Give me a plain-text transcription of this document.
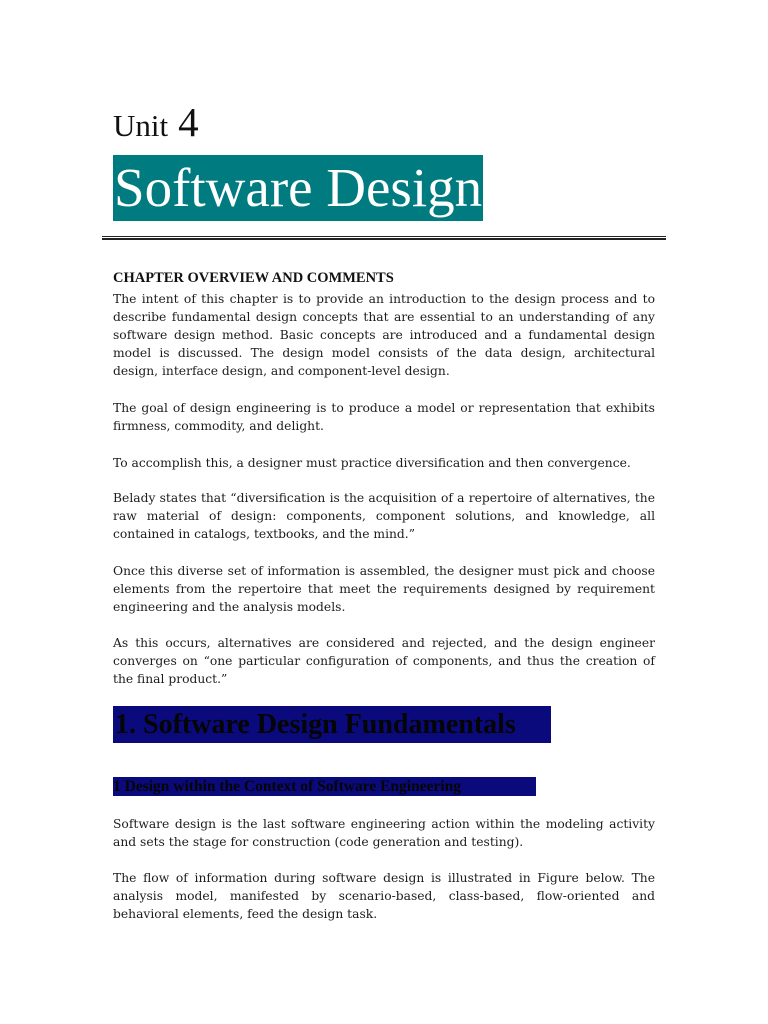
Unit 4
Software Design
CHAPTER OVERVIEW AND COMMENTS

The intent of this chapter is to provide an introduction to the design process and to describe fundamental design concepts that are essential to an understanding of any software design method. Basic concepts are introduced and a fundamental design model is discussed. The design model consists of the data design, architectural design, interface design, and component-level design.

The goal of design engineering is to produce a model or representation that exhibits firmness, commodity, and delight.

To accomplish this, a designer must practice diversification and then convergence.

Belady states that “diversification is the acquisition of a repertoire of alternatives, the raw material of design: components, component solutions, and knowledge, all contained in catalogs, textbooks, and the mind.”

Once this diverse set of information is assembled, the designer must pick and choose elements from the repertoire that meet the requirements designed by requirement engineering and the analysis models.

As this occurs, alternatives are considered and rejected, and the design engineer converges on “one particular configuration of components, and thus the creation of the final product.”

1. Software Design Fundamentals
1 Design within the Context of Software Engineering

Software design is the last software engineering action within the modeling activity and sets the stage for construction (code generation and testing).

The flow of information during software design is illustrated in Figure below. The analysis model, manifested by scenario-based, class-based, flow-oriented and behavioral elements, feed the design task.
